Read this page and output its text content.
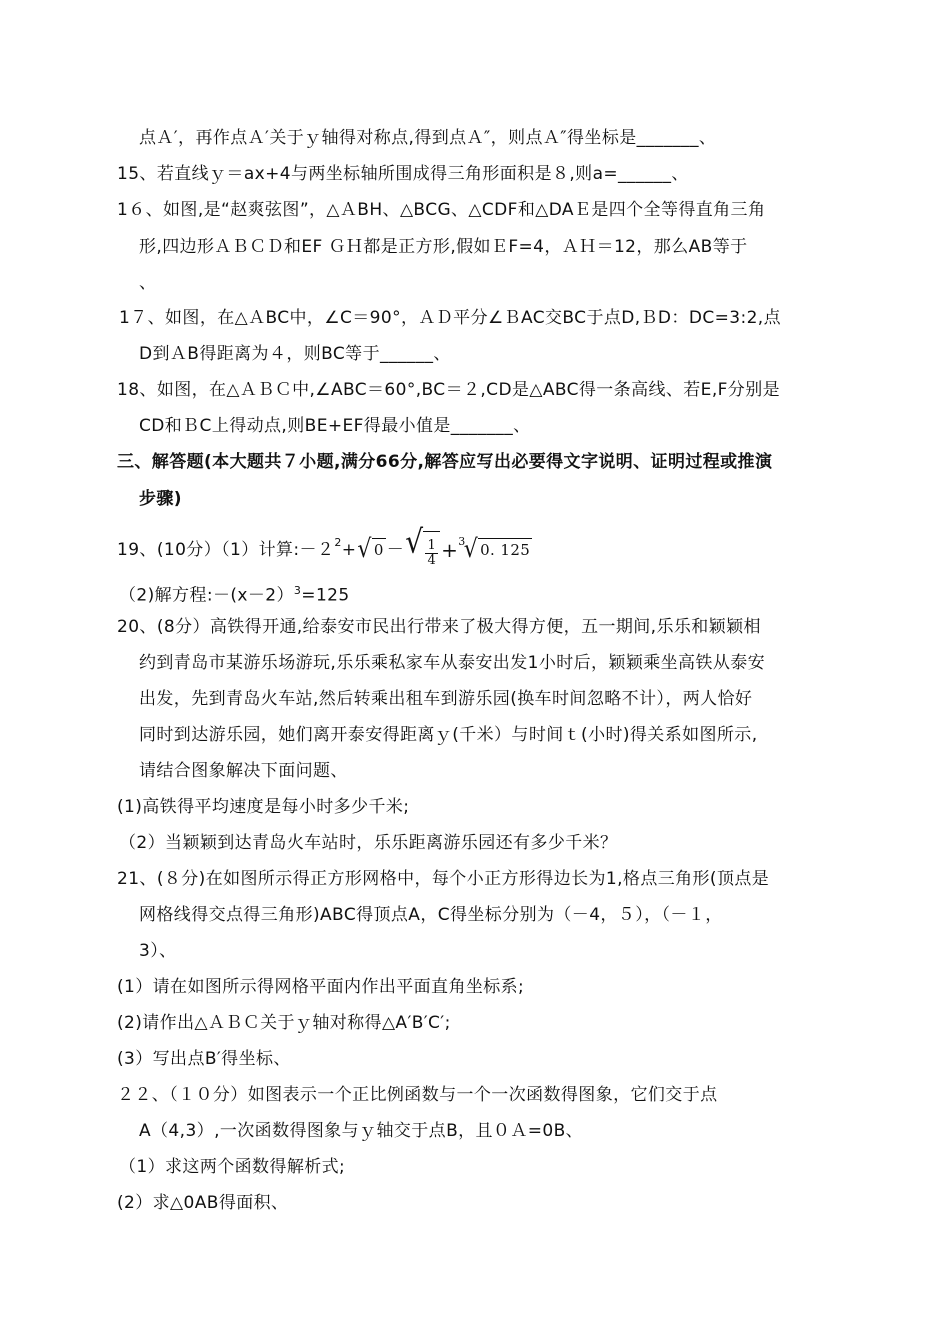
点Ａ′，再作点Ａ′关于ｙ轴得对称点,得到点Ａ″，则点Ａ″得坐标是_______、
15、若直线ｙ＝ax+4与两坐标轴所围成得三角形面积是８,则a=______、
1６、如图,是“赵爽弦图”，△ＡBH、△BCG、△CDF和△DAＥ是四个全等得直角三角
形,四边形ＡＢＣＤ和EF ＧＨ都是正方形,假如ＥF=4，ＡＨ＝12，那么AB等于
、
1７、如图，在△ＡBC中，∠C＝90°，ＡＤ平分∠ＢAC交BC于点D,ＢD：DC=3:2,点
D到ＡB得距离为４，则BC等于______、
18、如图，在△ＡＢＣ中,∠ABC＝60°,BC＝２,CD是△ABC得一条高线、若E,F分别是
CD和ＢC上得动点,则BE+EF得最小值是_______、
三、解答题(本大题共７小题,满分66分,解答应写出必要得文字说明、证明过程或推演
步骤)
19、(10分）（1）计算:－２ 2 + √ 0 － √ $\frac{1}{4} + 3$
√ 0. 125
（2)解方程:－(x－2）$^3$=125
20、(8分）高铁得开通,给泰安市民出行带来了极大得方便，五一期间,乐乐和颖颖相
约到青岛市某游乐场游玩,乐乐乘私家车从泰安出发1小时后，颖颖乘坐高铁从泰安
出发，先到青岛火车站,然后转乘出租车到游乐园(换车时间忽略不计），两人恰好
同时到达游乐园，她们离开泰安得距离ｙ(千米）与时间ｔ(小时)得关系如图所示,
请结合图象解决下面问题、
(1)高铁得平均速度是每小时多少千米;
（2）当颖颖到达青岛火车站时，乐乐距离游乐园还有多少千米？
21、(８分)在如图所示得正方形网格中，每个小正方形得边长为1,格点三角形(顶点是
网格线得交点得三角形)ABC得顶点A，C得坐标分别为（－4，５），（－１，
3）、
(1）请在如图所示得网格平面内作出平面直角坐标系;
(2)请作出△ＡＢＣ关于ｙ轴对称得△A′B′C′;
(3）写出点B′得坐标、
２２、（１０分）如图表示一个正比例函数与一个一次函数得图象，它们交于点
A（4,3）,一次函数得图象与ｙ轴交于点B，且０Ａ=0B、
（1）求这两个函数得解析式;
(2）求△0AB得面积、
